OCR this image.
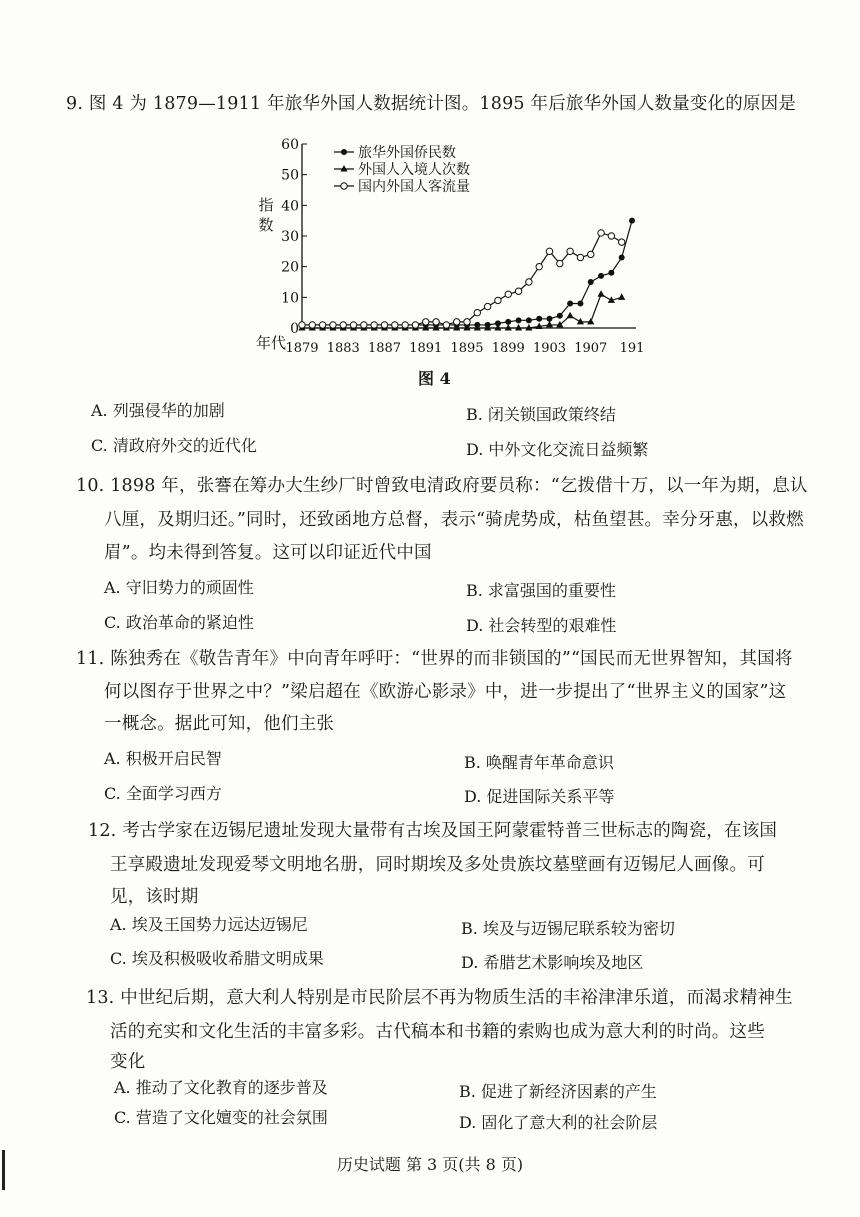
9. 图 4 为 1879—1911 年旅华外国人数据统计图。1895 年后旅华外国人数量变化的原因是
0
10
20
30
40
50
60
指
数
年代 1879 1883 1887 1891 1895 1899 1903 1907 191
旅华外国侨民数
外国人入境人次数
国内外国人客流量
图 4
A. 列强侵华的加剧	B. 闭关锁国政策终结
C. 清政府外交的近代化	D. 中外文化交流日益频繁
10. 1898 年，张謇在筹办大生纱厂时曾致电清政府要员称：“乞拨借十万，以一年为期，息认
八厘，及期归还。”同时，还致函地方总督，表示“骑虎势成，枯鱼望甚。幸分牙惠，以救燃
眉”。均未得到答复。这可以印证近代中国
A. 守旧势力的顽固性	B. 求富强国的重要性
C. 政治革命的紧迫性	D. 社会转型的艰难性
11. 陈独秀在《敬告青年》中向青年呼吁：“世界的而非锁国的”“国民而无世界智知，其国将
何以图存于世界之中？”梁启超在《欧游心影录》中，进一步提出了“世界主义的国家”这
一概念。据此可知，他们主张
A. 积极开启民智	B. 唤醒青年革命意识
C. 全面学习西方	D. 促进国际关系平等
12. 考古学家在迈锡尼遗址发现大量带有古埃及国王阿蒙霍特普三世标志的陶瓷，在该国
王享殿遗址发现爱琴文明地名册，同时期埃及多处贵族坟墓壁画有迈锡尼人画像。可
见，该时期
A. 埃及王国势力远达迈锡尼	B. 埃及与迈锡尼联系较为密切
C. 埃及积极吸收希腊文明成果	D. 希腊艺术影响埃及地区
13. 中世纪后期，意大利人特别是市民阶层不再为物质生活的丰裕津津乐道，而渴求精神生
活的充实和文化生活的丰富多彩。古代稿本和书籍的索购也成为意大利的时尚。这些
变化
A. 推动了文化教育的逐步普及	B. 促进了新经济因素的产生
C. 营造了文化嬗变的社会氛围	D. 固化了意大利的社会阶层
历史试题 第 3 页(共 8 页)
